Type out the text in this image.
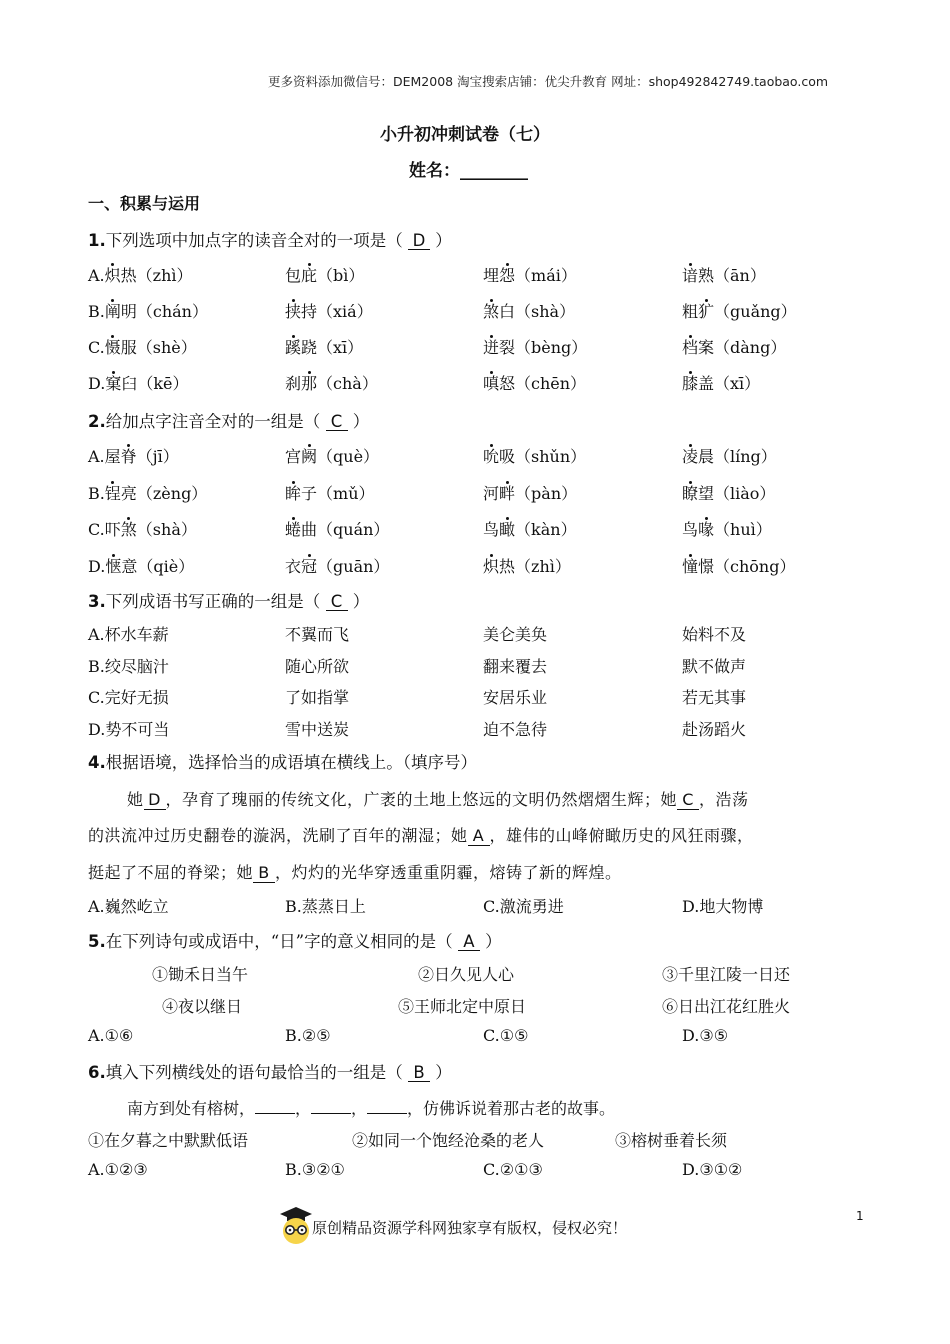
更多资料添加微信号：DEM2008 淘宝搜索店铺：优尖升教育 网址：shop492842749.taobao.com
小升初冲刺试卷（七）
姓名：________
一、积累与运用
1.下列选项中加点字的读音全对的一项是（ D ）
A.炽热（zhì）	包庇（bì）	埋怨（mái）	谙熟（ān）
B.阐明（chán）	挟持（xiá）	煞白（shà）	粗犷（guǎng）
C.慑服（shè）	蹊跷（xī）	迸裂（bèng）	档案（dàng）
D.窠臼（kē）	刹那（chà）	嗔怒（chēn）	膝盖（xī）
2.给加点字注音全对的一组是（ C ）
A.屋脊（jī）	宫阙（què）	吮吸（shǔn）	凌晨（líng）
B.锃亮（zèng）	眸子（mǔ）	河畔（pàn）	瞭望（liào）
C.吓煞（shà）	蜷曲（quán）	鸟瞰（kàn）	鸟喙（huì）
D.惬意（qiè）	衣冠（guān）	炽热（zhì）	憧憬（chōng）
3.下列成语书写正确的一组是（ C ）
A.杯水车薪	不翼而飞	美仑美奂	始料不及
B.绞尽脑汁	随心所欲	翻来覆去	默不做声
C.完好无损	了如指掌	安居乐业	若无其事
D.势不可当	雪中送炭	迫不急待	赴汤蹈火
4.根据语境，选择恰当的成语填在横线上。（填序号）
她 D ，孕育了瑰丽的传统文化，广袤的土地上悠远的文明仍然熠熠生辉；她 C ，浩荡
的洪流冲过历史翻卷的漩涡，洗刷了百年的潮湿；她 A ，雄伟的山峰俯瞰历史的风狂雨骤，
挺起了不屈的脊梁；她 B ，灼灼的光华穿透重重阴霾，熔铸了新的辉煌。
A.巍然屹立	B.蒸蒸日上	C.激流勇进	D.地大物博
5.在下列诗句或成语中，“日”字的意义相同的是（ A ）
①锄禾日当午	②日久见人心	③千里江陵一日还
④夜以继日	⑤王师北定中原日	⑥日出江花红胜火
A.①⑥	B.②⑤	C.①⑤	D.③⑤
6.填入下列横线处的语句最恰当的一组是（ B ）
南方到处有榕树，	，	，	，仿佛诉说着那古老的故事。
①在夕暮之中默默低语	②如同一个饱经沧桑的老人	③榕树垂着长须
A.①②③	B.③②①	C.②①③	D.③①②
1
原创精品资源学科网独家享有版权，侵权必究！
